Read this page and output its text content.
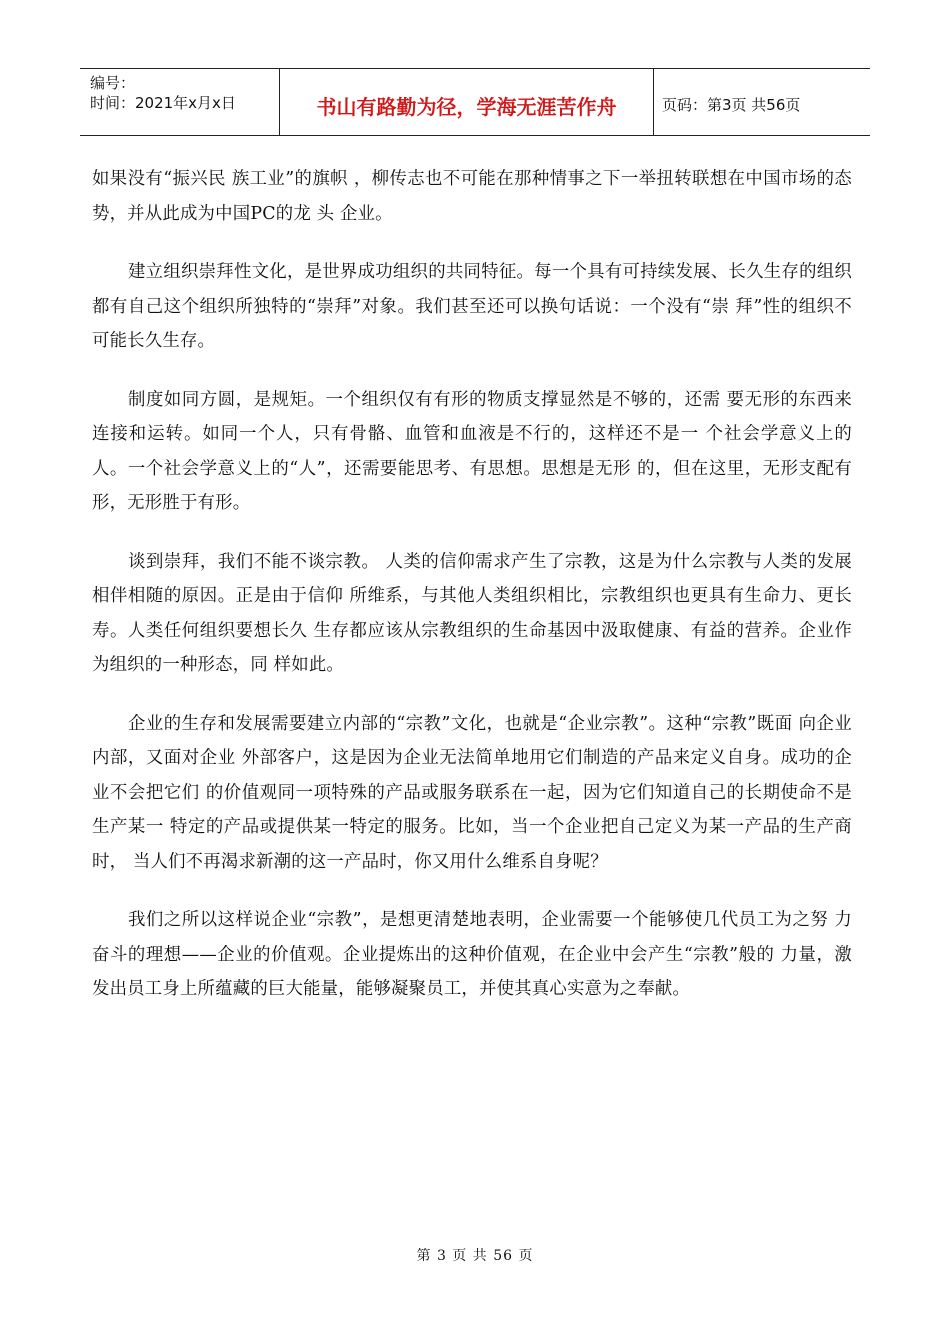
编号：
时间：2021年x月x日	书山有路勤为径，学海无涯苦作舟	页码：第3页 共56页

如果没有“振兴民 族工业”的旗帜 ，柳传志也不可能在那种情事之下一举扭转联想在中国市场的态势，并从此成为中国PC的龙 头 企业。

建立组织崇拜性文化，是世界成功组织的共同特征。每一个具有可持续发展、长久生存的组织 都有自己这个组织所独特的“崇拜”对象。我们甚至还可以换句话说：一个没有“崇 拜”性的组织不可能长久生存。

制度如同方圆，是规矩。一个组织仅有有形的物质支撑显然是不够的，还需 要无形的东西来连接和运转。如同一个人，只有骨骼、血管和血液是不行的，这样还不是一 个社会学意义上的人。一个社会学意义上的“人”，还需要能思考、有思想。思想是无形 的，但在这里，无形支配有形，无形胜于有形。

谈到崇拜，我们不能不谈宗教。 人类的信仰需求产生了宗教，这是为什么宗教与人类的发展相伴相随的原因。正是由于信仰 所维系，与其他人类组织相比，宗教组织也更具有生命力、更长寿。人类任何组织要想长久 生存都应该从宗教组织的生命基因中汲取健康、有益的营养。企业作为组织的一种形态，同 样如此。

企业的生存和发展需要建立内部的“宗教”文化，也就是“企业宗教”。这种“宗教”既面 向企业内部，又面对企业 外部客户，这是因为企业无法简单地用它们制造的产品来定义自身。成功的企业不会把它们 的价值观同一项特殊的产品或服务联系在一起，因为它们知道自己的长期使命不是生产某一 特定的产品或提供某一特定的服务。比如，当一个企业把自己定义为某一产品的生产商时， 当人们不再渴求新潮的这一产品时，你又用什么维系自身呢？

我们之所以这样说企业“宗教”，是想更清楚地表明，企业需要一个能够使几代员工为之努 力奋斗的理想——企业的价值观。企业提炼出的这种价值观，在企业中会产生“宗教”般的 力量，激发出员工身上所蕴藏的巨大能量，能够凝聚员工，并使其真心实意为之奉献。

第 3 页 共 56 页
